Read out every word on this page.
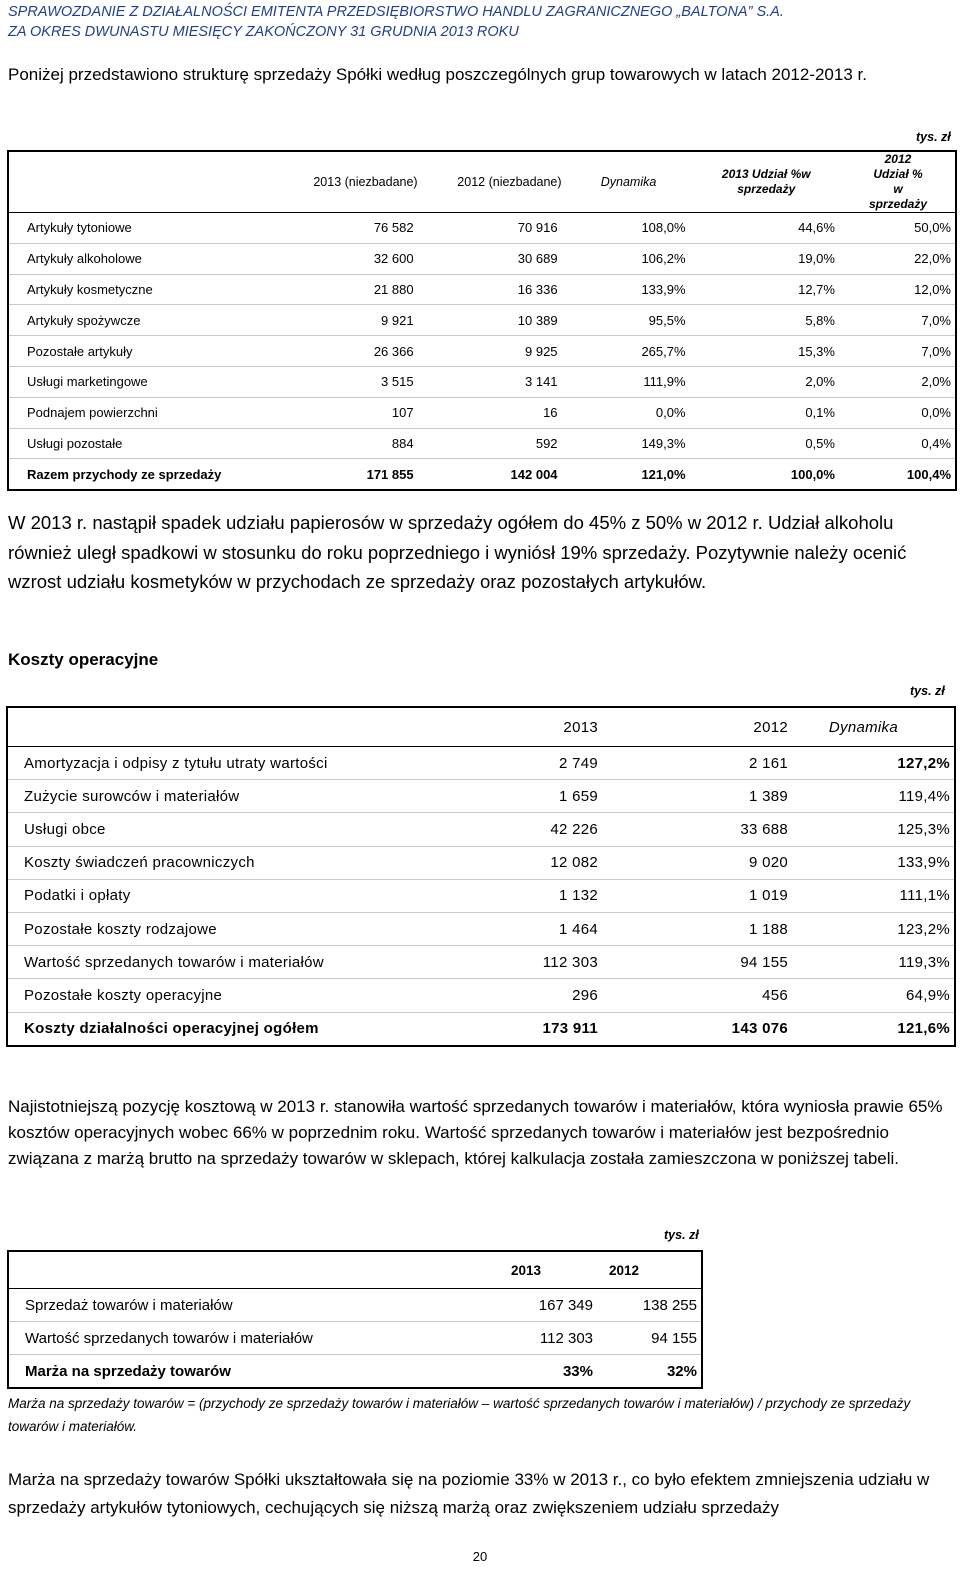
SPRAWOZDANIE Z DZIAŁALNOŚCI EMITENTA PRZEDSIĘBIORSTWO HANDLU ZAGRANICZNEGO „BALTONA” S.A.
ZA OKRES DWUNASTU MIESIĘCY ZAKOŃCZONY 31 GRUDNIA 2013 ROKU
Poniżej przedstawiono strukturę sprzedaży Spółki według poszczególnych grup towarowych w latach 2012-2013 r.
tys. zł
	2013 (niezbadane)	2012 (niezbadane)	Dynamika	2013 Udział %w sprzedaży	2012 Udział % w sprzedaży
Artykuły tytoniowe	76 582	70 916	108,0%	44,6%	50,0%
Artykuły alkoholowe	32 600	30 689	106,2%	19,0%	22,0%
Artykuły kosmetyczne	21 880	16 336	133,9%	12,7%	12,0%
Artykuły spożywcze	9 921	10 389	95,5%	5,8%	7,0%
Pozostałe artykuły	26 366	9 925	265,7%	15,3%	7,0%
Usługi marketingowe	3 515	3 141	111,9%	2,0%	2,0%
Podnajem powierzchni	107	16	0,0%	0,1%	0,0%
Usługi pozostałe	884	592	149,3%	0,5%	0,4%
Razem przychody ze sprzedaży	171 855	142 004	121,0%	100,0%	100,4%
W 2013 r. nastąpił spadek udziału papierosów w sprzedaży ogółem do 45% z 50% w 2012 r. Udział alkoholu również uległ spadkowi w stosunku do roku poprzedniego i wyniósł 19% sprzedaży. Pozytywnie należy ocenić wzrost udziału kosmetyków w przychodach ze sprzedaży oraz pozostałych artykułów.
Koszty operacyjne
tys. zł
	2013	2012	Dynamika
Amortyzacja i odpisy z tytułu utraty wartości	2 749	2 161	127,2%
Zużycie surowców i materiałów	1 659	1 389	119,4%
Usługi obce	42 226	33 688	125,3%
Koszty świadczeń pracowniczych	12 082	9 020	133,9%
Podatki i opłaty	1 132	1 019	111,1%
Pozostałe koszty rodzajowe	1 464	1 188	123,2%
Wartość sprzedanych towarów i materiałów	112 303	94 155	119,3%
Pozostałe koszty operacyjne	296	456	64,9%
Koszty działalności operacyjnej ogółem	173 911	143 076	121,6%
Najistotniejszą pozycję kosztową w 2013 r. stanowiła wartość sprzedanych towarów i materiałów, która wyniosła prawie 65% kosztów operacyjnych wobec 66% w poprzednim roku. Wartość sprzedanych towarów i materiałów jest bezpośrednio związana z marżą brutto na sprzedaży towarów w sklepach, której kalkulacja została zamieszczona w poniższej tabeli.
tys. zł
	2013	2012
Sprzedaż towarów i materiałów	167 349	138 255
Wartość sprzedanych towarów i materiałów	112 303	94 155
Marża na sprzedaży towarów	33%	32%
Marża na sprzedaży towarów = (przychody ze sprzedaży towarów i materiałów – wartość sprzedanych towarów i materiałów) / przychody ze sprzedaży towarów i materiałów.
Marża na sprzedaży towarów Spółki ukształtowała się na poziomie 33% w 2013 r., co było efektem zmniejszenia udziału w sprzedaży artykułów tytoniowych, cechujących się niższą marżą oraz zwiększeniem udziału sprzedaży
20
